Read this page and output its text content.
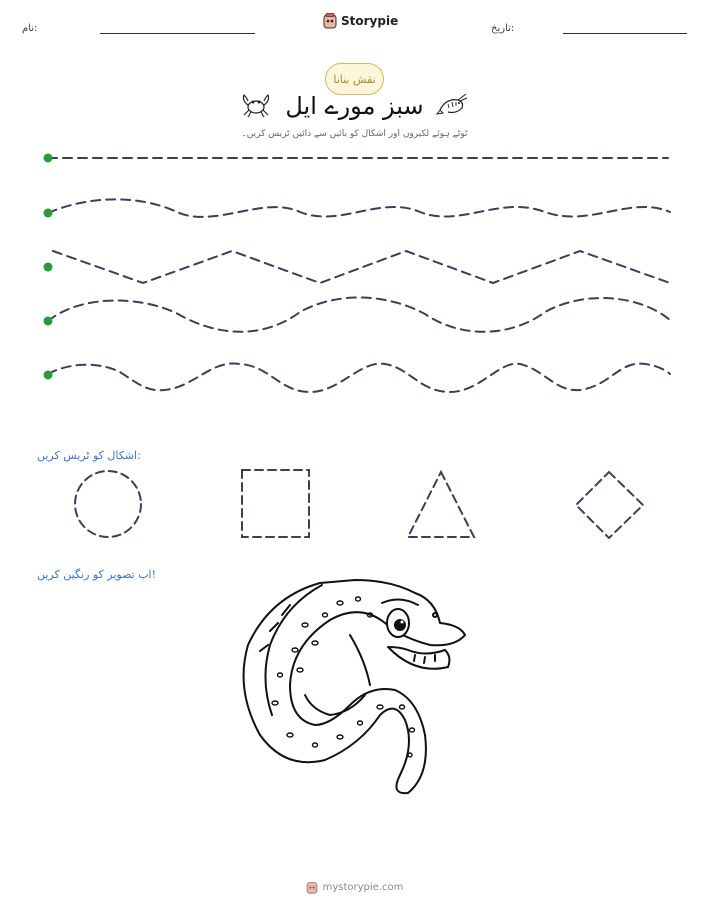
نام:
Storypie
تاریخ:
نقش بنانا
سبز مورے ایل
ٹوٹے ہوئے لکیروں اور اشکال کو بائیں سے دائیں ٹریس کریں۔
اشکال کو ٹریس کریں:
اب تصویر کو رنگین کریں!
mystorypie.com
